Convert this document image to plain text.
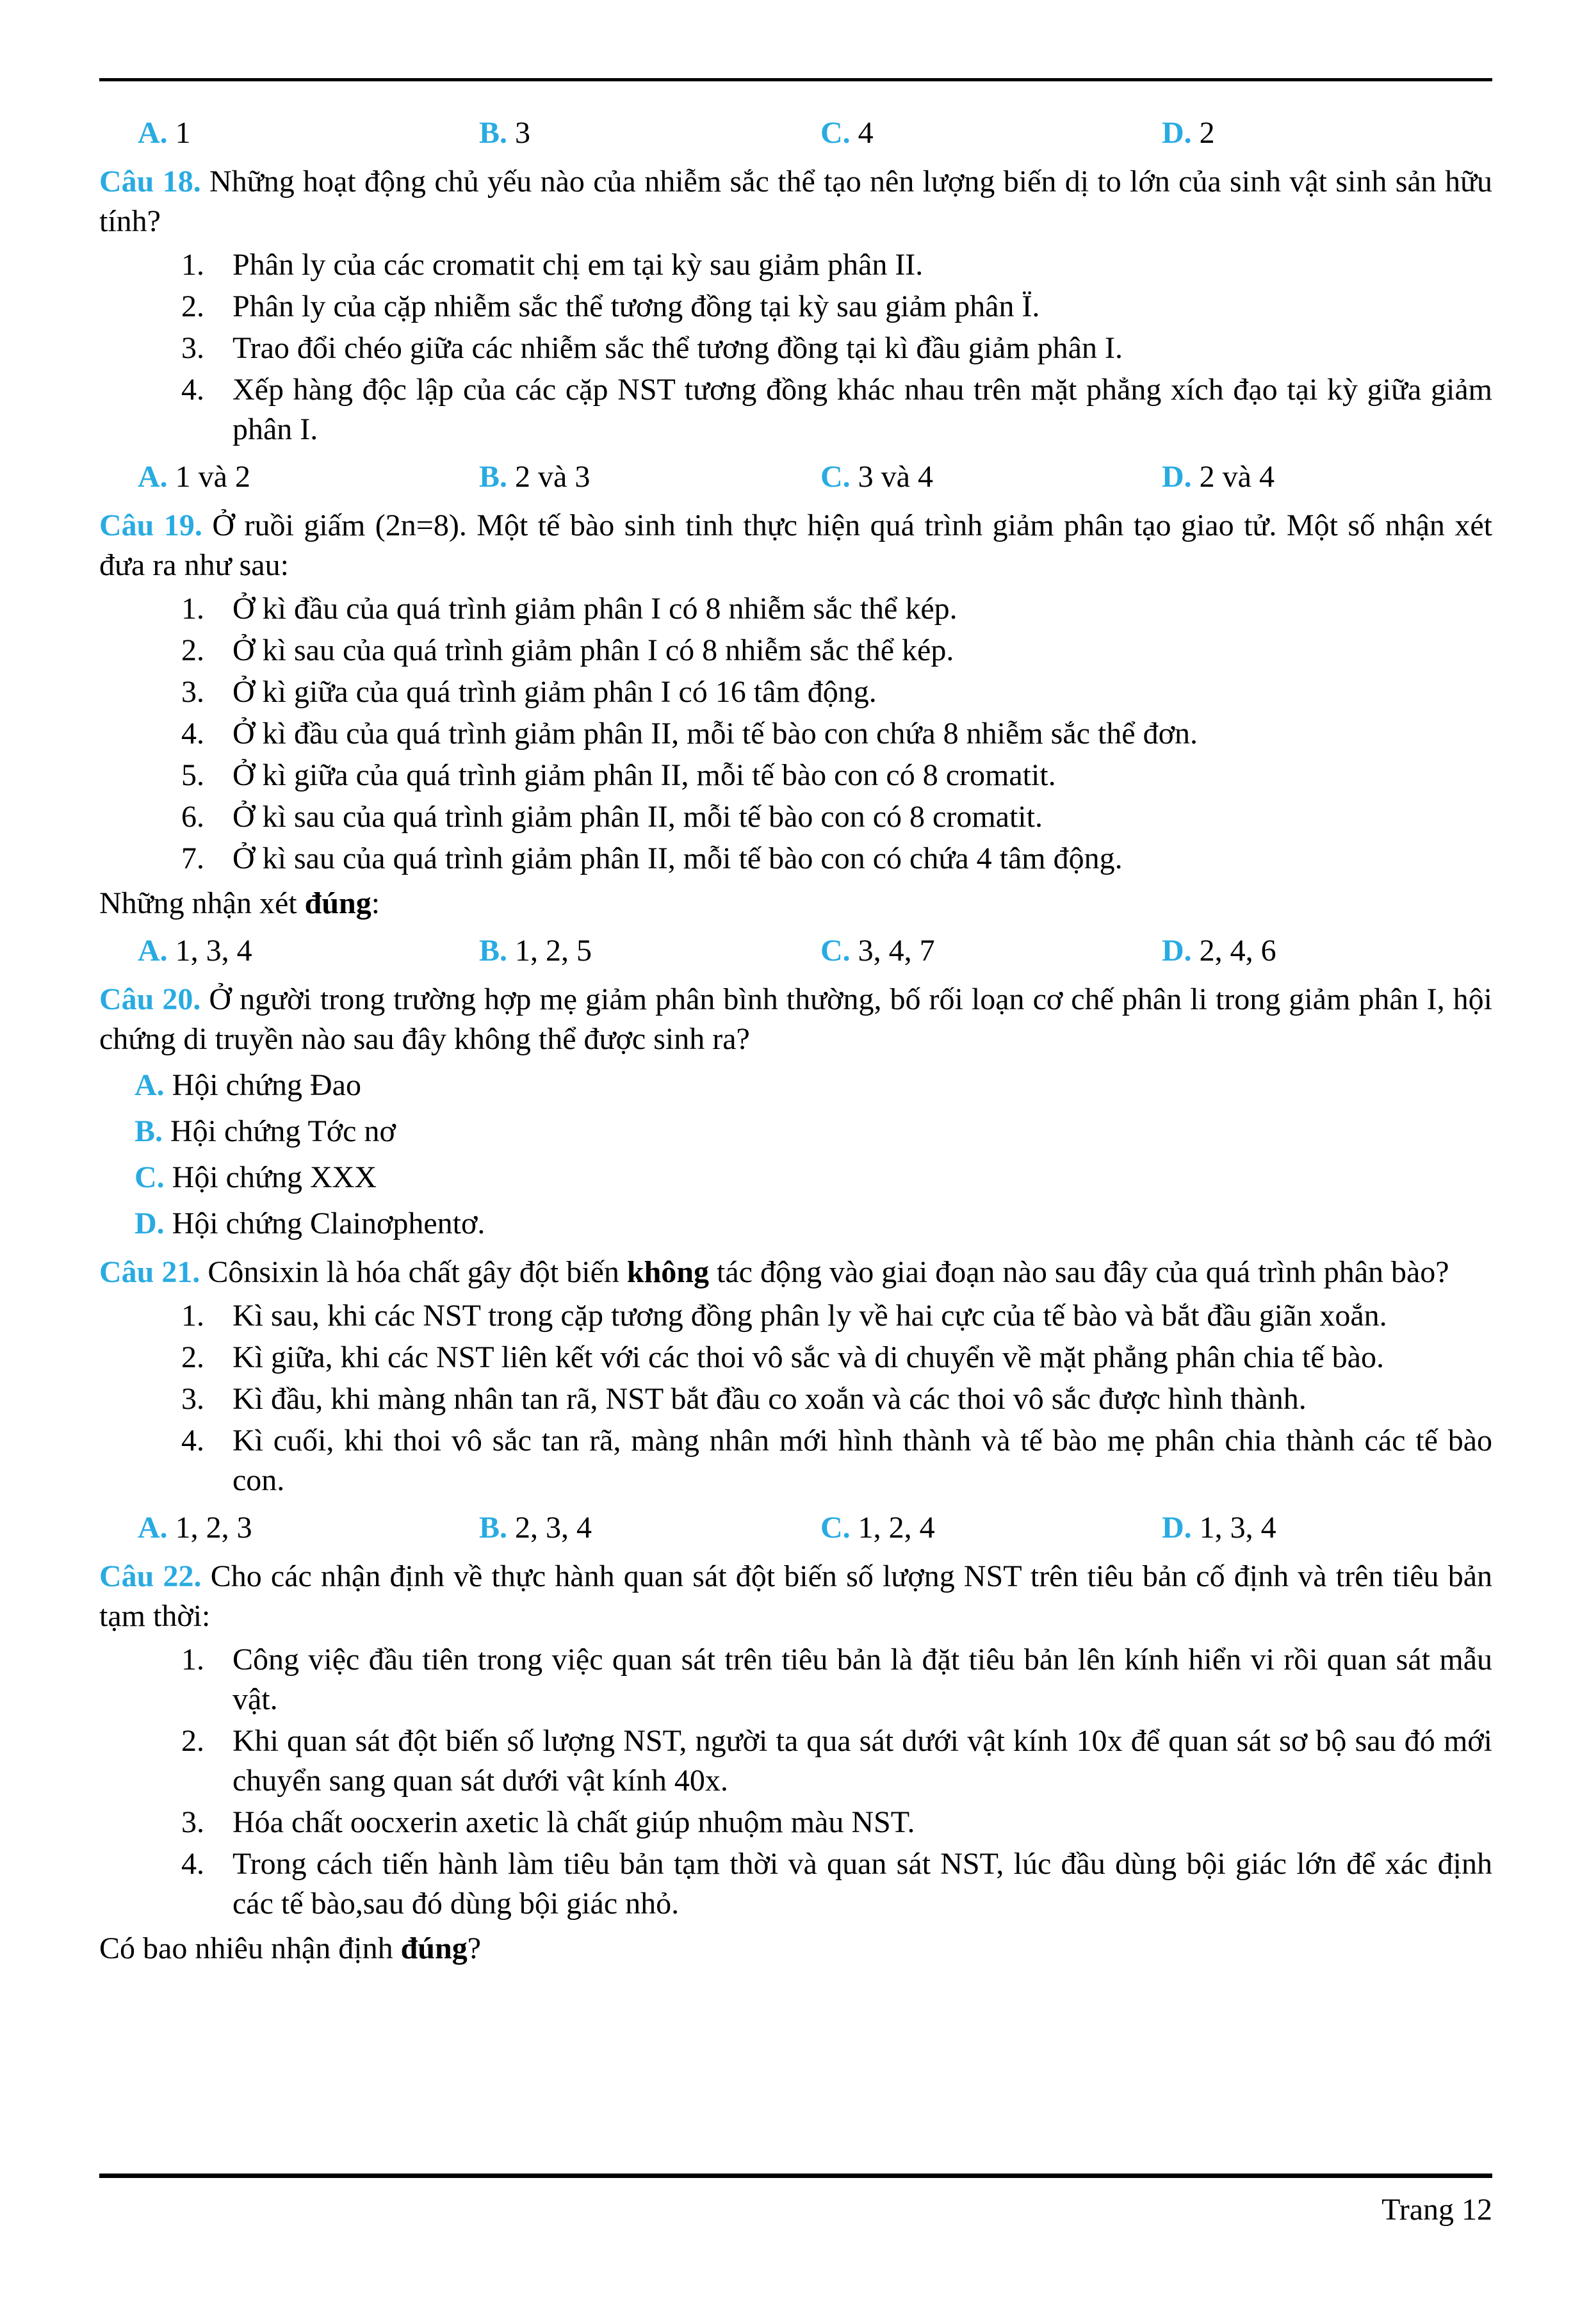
A. 1	B. 3	C. 4	D. 2
Câu 18. Những hoạt động chủ yếu nào của nhiễm sắc thể tạo nên lượng biến dị to lớn của sinh vật sinh sản hữu tính?
1. Phân ly của các cromatit chị em tại kỳ sau giảm phân II.
2. Phân ly của cặp nhiễm sắc thể tương đồng tại kỳ sau giảm phân Ï.
3. Trao đổi chéo giữa các nhiễm sắc thể tương đồng tại kì đầu giảm phân I.
4. Xếp hàng độc lập của các cặp NST tương đồng khác nhau trên mặt phẳng xích đạo tại kỳ giữa giảm phân I.
A. 1 và 2	B. 2 và 3	C. 3 và 4	D. 2 và 4
Câu 19. Ở ruồi giấm (2n=8). Một tế bào sinh tinh thực hiện quá trình giảm phân tạo giao tử. Một số nhận xét đưa ra như sau:
1. Ở kì đầu của quá trình giảm phân I có 8 nhiễm sắc thể kép.
2. Ở kì sau của quá trình giảm phân I có 8 nhiễm sắc thể kép.
3. Ở kì giữa của quá trình giảm phân I có 16 tâm động.
4. Ở kì đầu của quá trình giảm phân II, mỗi tế bào con chứa 8 nhiễm sắc thể đơn.
5. Ở kì giữa của quá trình giảm phân II, mỗi tế bào con có 8 cromatit.
6. Ở kì sau của quá trình giảm phân II, mỗi tế bào con có 8 cromatit.
7. Ở kì sau của quá trình giảm phân II, mỗi tế bào con có chứa 4 tâm động.
Những nhận xét đúng:
A. 1, 3, 4	B. 1, 2, 5	C. 3, 4, 7	D. 2, 4, 6
Câu 20. Ở người trong trường hợp mẹ giảm phân bình thường, bố rối loạn cơ chế phân li trong giảm phân I, hội chứng di truyền nào sau đây không thể được sinh ra?
A. Hội chứng Đao
B. Hội chứng Tớc nơ
C. Hội chứng XXX
D. Hội chứng Clainơphentơ.
Câu 21. Cônsixin là hóa chất gây đột biến không tác động vào giai đoạn nào sau đây của quá trình phân bào?
1. Kì sau, khi các NST trong cặp tương đồng phân ly về hai cực của tế bào và bắt đầu giãn xoắn.
2. Kì giữa, khi các NST liên kết với các thoi vô sắc và di chuyển về mặt phẳng phân chia tế bào.
3. Kì đầu, khi màng nhân tan rã, NST bắt đầu co xoắn và các thoi vô sắc được hình thành.
4. Kì cuối, khi thoi vô sắc tan rã, màng nhân mới hình thành và tế bào mẹ phân chia thành các tế bào con.
A. 1, 2, 3	B. 2, 3, 4	C. 1, 2, 4	D. 1, 3, 4
Câu 22. Cho các nhận định về thực hành quan sát đột biến số lượng NST trên tiêu bản cố định và trên tiêu bản tạm thời:
1. Công việc đầu tiên trong việc quan sát trên tiêu bản là đặt tiêu bản lên kính hiển vi rồi quan sát mẫu vật.
2. Khi quan sát đột biến số lượng NST, người ta qua sát dưới vật kính 10x để quan sát sơ bộ sau đó mới chuyển sang quan sát dưới vật kính 40x.
3. Hóa chất oocxerin axetic là chất giúp nhuộm màu NST.
4. Trong cách tiến hành làm tiêu bản tạm thời và quan sát NST, lúc đầu dùng bội giác lớn để xác định các tế bào,sau đó dùng bội giác nhỏ.
Có bao nhiêu nhận định đúng?
Trang 12
